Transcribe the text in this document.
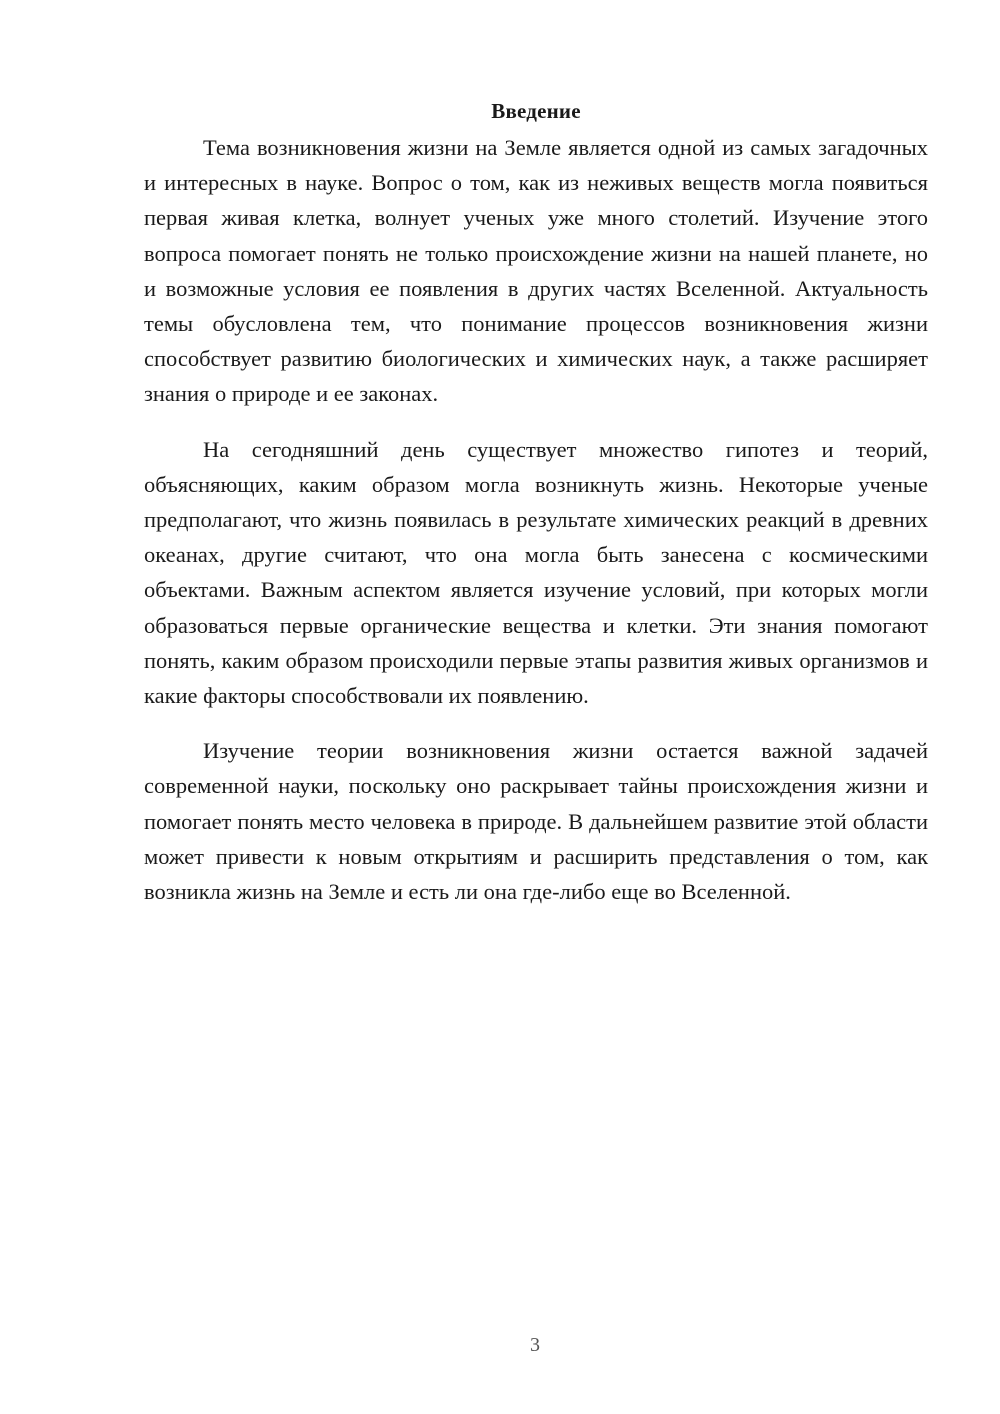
Введение

Тема возникновения жизни на Земле является одной из самых загадочных и интересных в науке. Вопрос о том, как из неживых веществ могла появиться первая живая клетка, волнует ученых уже много столетий. Изучение этого вопроса помогает понять не только происхождение жизни на нашей планете, но и возможные условия ее появления в других частях Вселенной. Актуальность темы обусловлена тем, что понимание процессов возникновения жизни способствует развитию биологических и химических наук, а также расширяет знания о природе и ее законах.

На сегодняшний день существует множество гипотез и теорий, объясняющих, каким образом могла возникнуть жизнь. Некоторые ученые предполагают, что жизнь появилась в результате химических реакций в древних океанах, другие считают, что она могла быть занесена с космическими объектами. Важным аспектом является изучение условий, при которых могли образоваться первые органические вещества и клетки. Эти знания помогают понять, каким образом происходили первые этапы развития живых организмов и какие факторы способствовали их появлению.

Изучение теории возникновения жизни остается важной задачей современной науки, поскольку оно раскрывает тайны происхождения жизни и помогает понять место человека в природе. В дальнейшем развитие этой области может привести к новым открытиям и расширить представления о том, как возникла жизнь на Земле и есть ли она где-либо еще во Вселенной.

3
